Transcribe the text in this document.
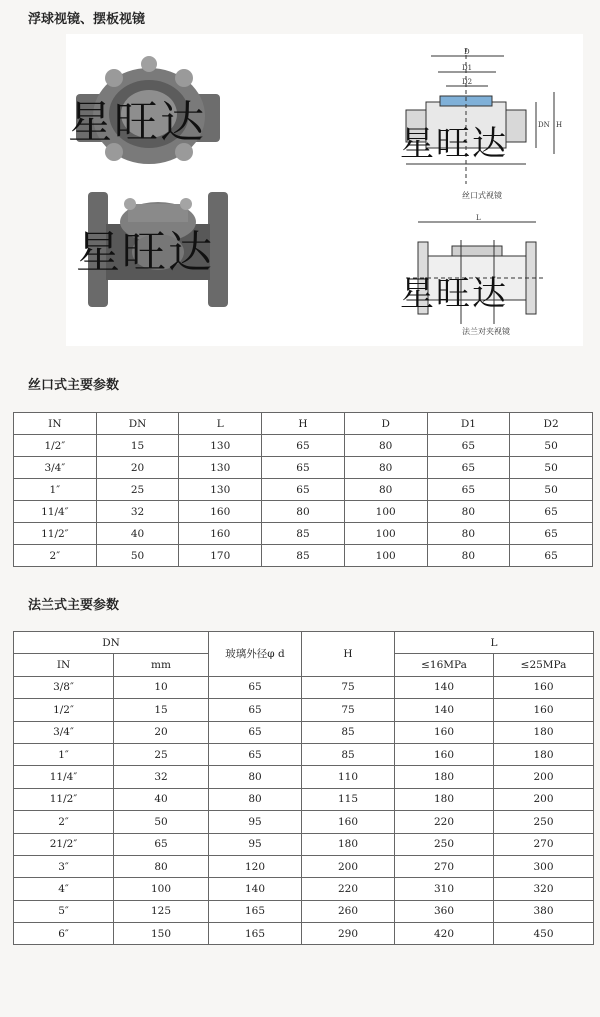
浮球视镜、摆板视镜
D
D1
D2
DN H
L
星旺达
星旺达
星旺达
星旺达
丝口式视镜
法兰对夹视镜
丝口式主要参数
IN	DN	L	H	D	D1	D2
1/2″	15	130	65	80	65	50
3/4″	20	130	65	80	65	50
1″	25	130	65	80	65	50
11/4″	32	160	80	100	80	65
11/2″	40	160	85	100	80	65
2″	50	170	85	100	80	65
法兰式主要参数
DN		玻璃外径φ d	H	L	
IN	mm			≤16MPa	≤25MPa
3/8″	10	65	75	140	160
1/2″	15	65	75	140	160
3/4″	20	65	85	160	180
1″	25	65	85	160	180
11/4″	32	80	110	180	200
11/2″	40	80	115	180	200
2″	50	95	160	220	250
21/2″	65	95	180	250	270
3″	80	120	200	270	300
4″	100	140	220	310	320
5″	125	165	260	360	380
6″	150	165	290	420	450
